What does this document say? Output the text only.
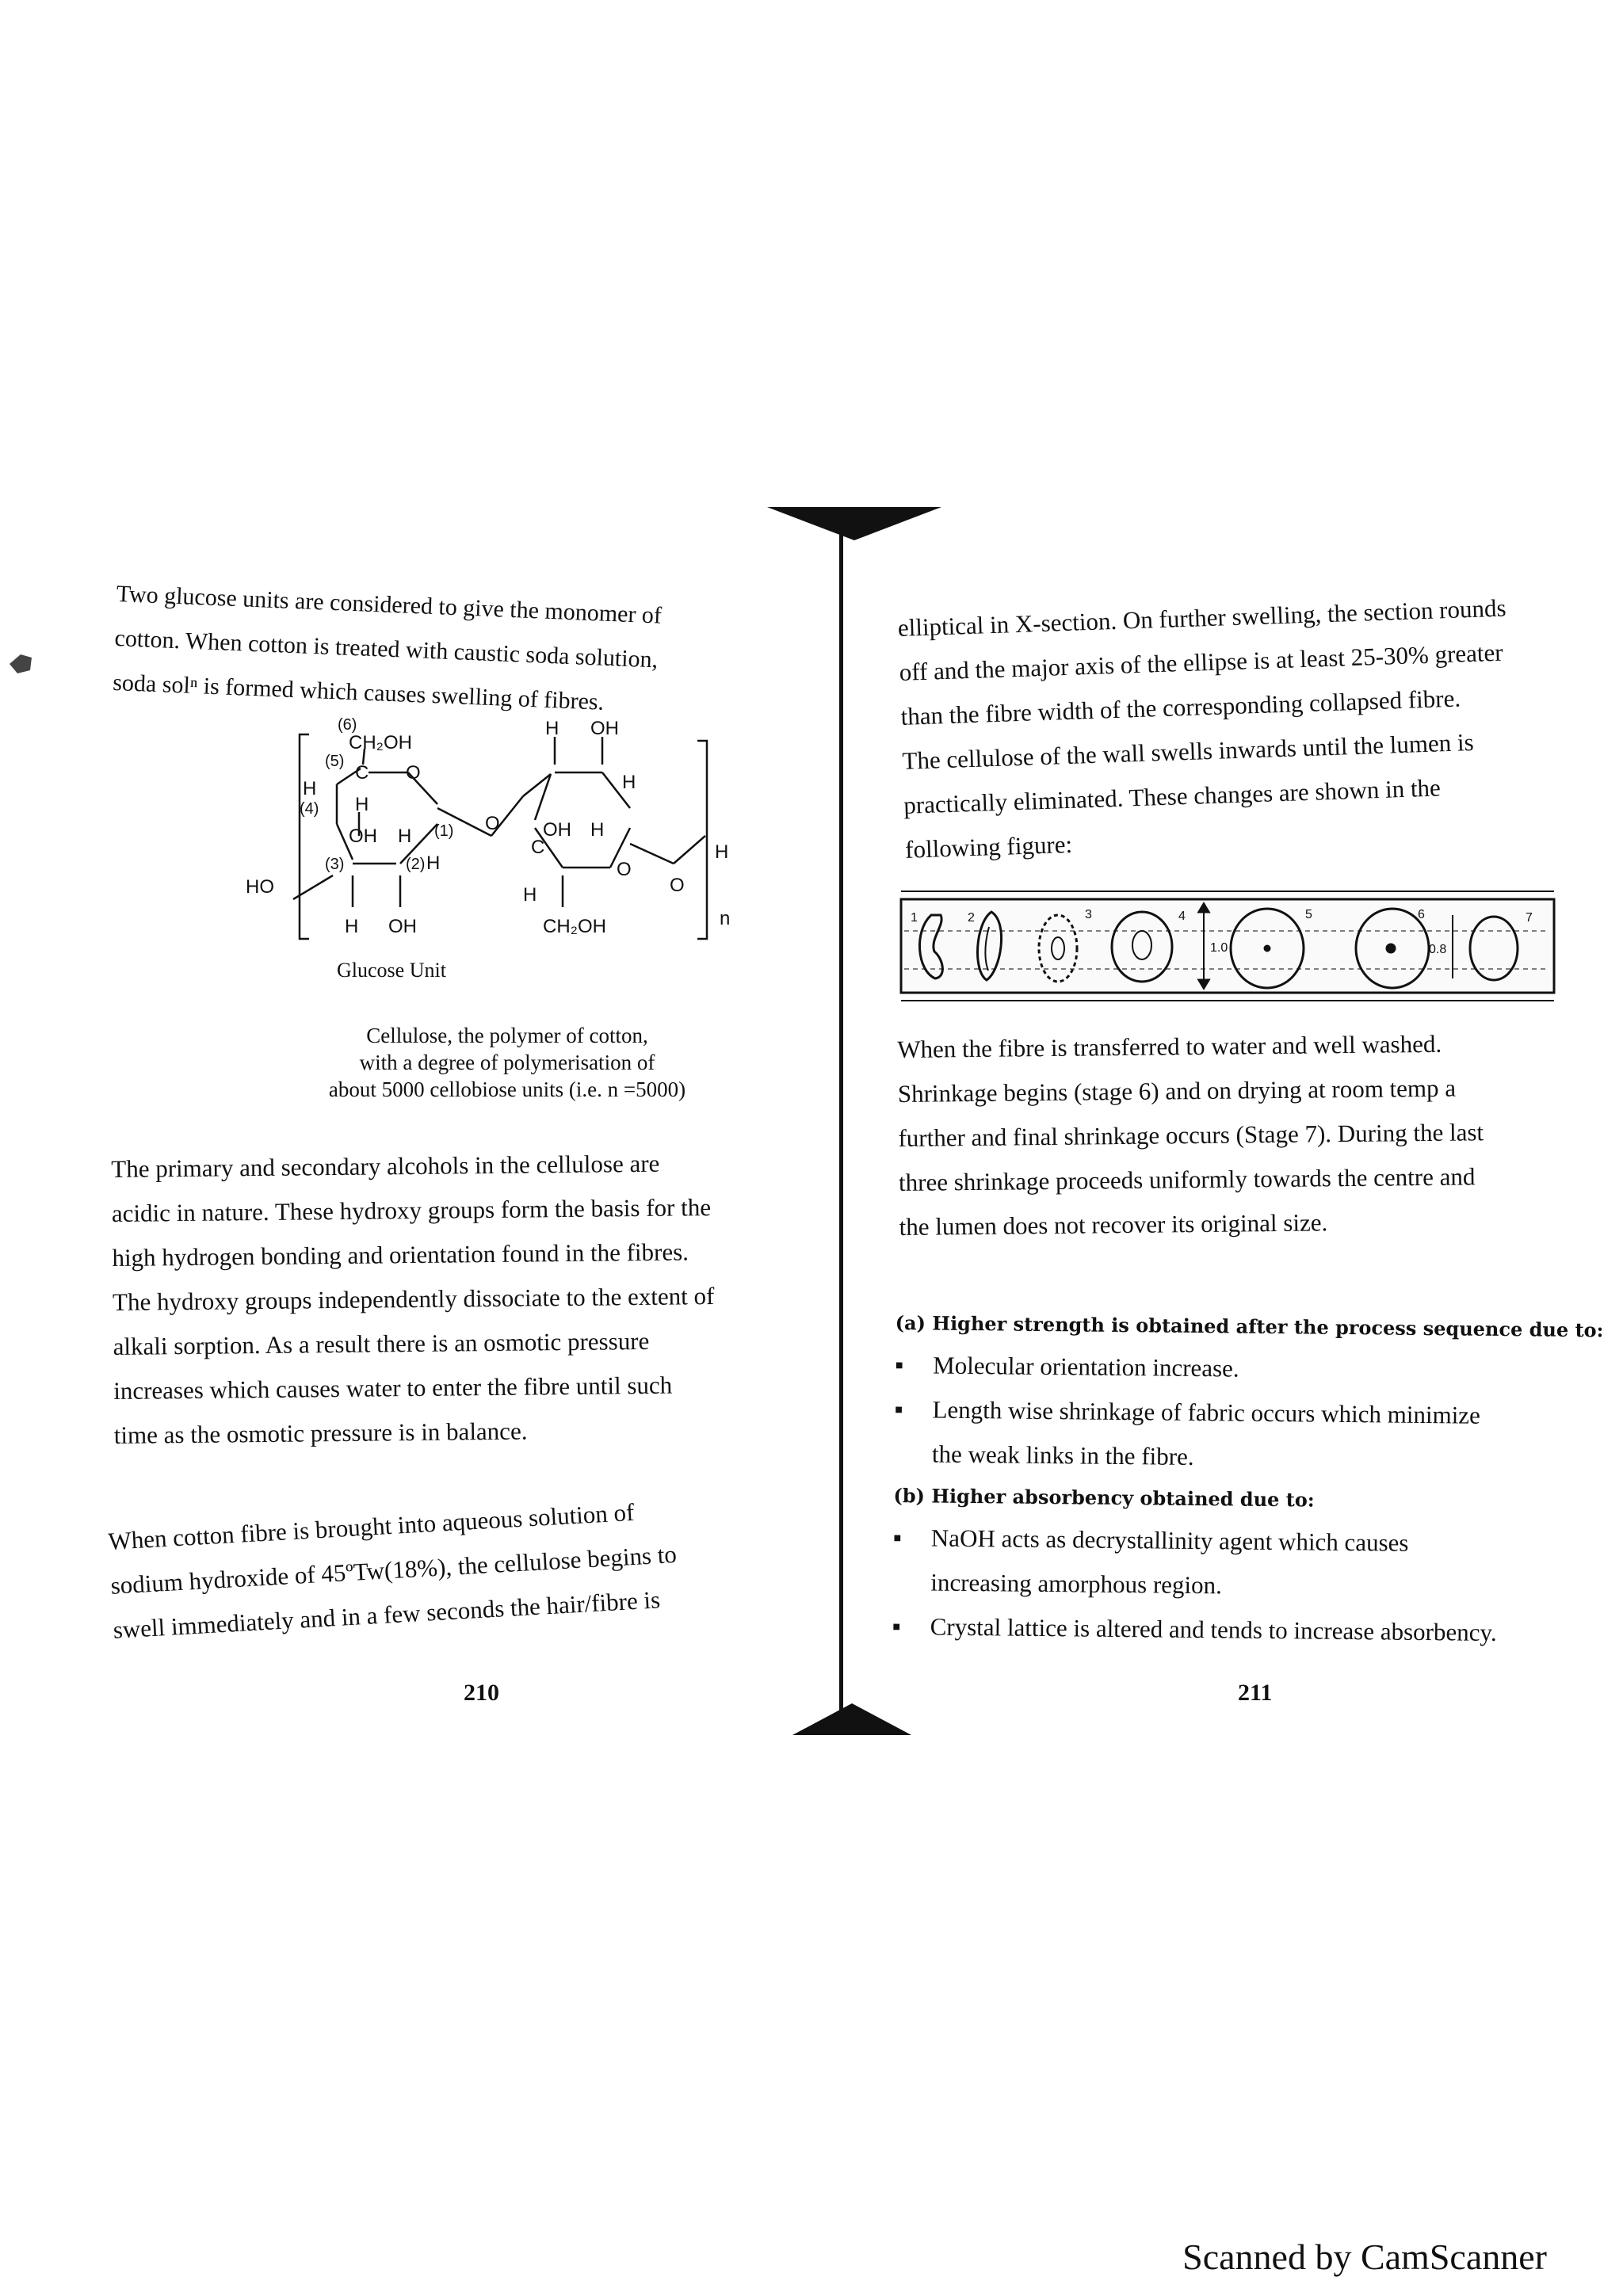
Two glucose units are considered to give the monomer of
cotton. When cotton is treated with caustic soda solution,
soda solⁿ is formed which causes swelling of fibres.
(6)
CH₂OH
(5)
H
C O
H OH
(4) H
OH H (1)
HO
(3)	(2) H
H OH
O OH
H
C
H
H
O
H
CH₂OH
O
n
Glucose Unit
Cellulose, the polymer of cotton,
with a degree of polymerisation of
about 5000 cellobiose units (i.e. n =5000)
The primary and secondary alcohols in the cellulose are
acidic in nature. These hydroxy groups form the basis for the
high hydrogen bonding and orientation found in the fibres.
The hydroxy groups independently dissociate to the extent of
alkali sorption. As a result there is an osmotic pressure
increases which causes water to enter the fibre until such
time as the osmotic pressure is in balance.
When cotton fibre is brought into aqueous solution of
sodium hydroxide of 45ºTw(18%), the cellulose begins to
swell immediately and in a few seconds the hair/fibre is
210
elliptical in X-section. On further swelling, the section rounds
off and the major axis of the ellipse is at least 25-30% greater
than the fibre width of the corresponding collapsed fibre.
The cellulose of the wall swells inwards until the lumen is
practically eliminated. These changes are shown in the
following figure:
1	2	3	4
1.0
5	6
0.8
7
When the fibre is transferred to water and well washed.
Shrinkage begins (stage 6) and on drying at room temp a
further and final shrinkage occurs (Stage 7). During the last
three shrinkage proceeds uniformly towards the centre and
the lumen does not recover its original size.
(a) Higher strength is obtained after the process sequence due to:
▪ Molecular orientation increase.
▪ Length wise shrinkage of fabric occurs which minimize
the weak links in the fibre.
(b) Higher absorbency obtained due to:
▪ NaOH acts as decrystallinity agent which causes
increasing amorphous region.
▪ Crystal lattice is altered and tends to increase absorbency.
211
Scanned by CamScanner
